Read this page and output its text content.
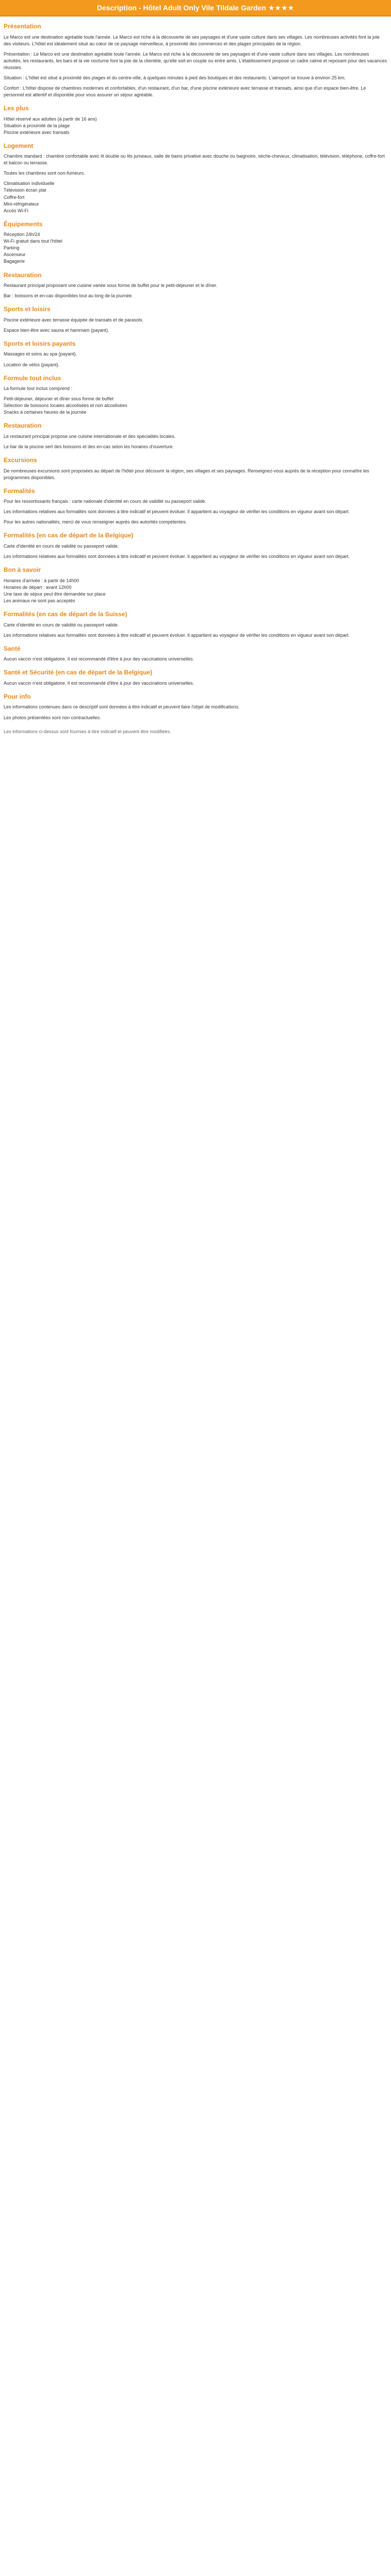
Description - Hôtel Adult Only Vile Tildale Garden ★★★★
Présentation

Le Marco est une destination agréable toute l'année. Le Marco est riche à la découverte de ses paysages et d'une vaste culture dans ses villages. Les nombreuses activités font la joie des visiteurs. L'hôtel est idéalement situé au cœur de ce paysage merveilleux, à proximité des commerces et des plages principales de la région.

Présentation : Le Marco est une destination agréable toute l'année. Le Marco est riche à la découverte de ses paysages et d'une vaste culture dans ses villages. Les nombreuses activités, les restaurants, les bars et la vie nocturne font la joie de la clientèle, qu'elle soit en couple ou entre amis. L'établissement propose un cadre calme et reposant pour des vacances réussies.

Situation : L'hôtel est situé à proximité des plages et du centre-ville, à quelques minutes à pied des boutiques et des restaurants. L'aéroport se trouve à environ 25 km.

Confort : L'hôtel dispose de chambres modernes et confortables, d'un restaurant, d'un bar, d'une piscine extérieure avec terrasse et transats, ainsi que d'un espace bien-être. Le personnel est attentif et disponible pour vous assurer un séjour agréable.

Les plus
Hôtel réservé aux adultes (à partir de 16 ans)
Situation à proximité de la plage
Piscine extérieure avec transats
Logement

Chambre standard : chambre confortable avec lit double ou lits jumeaux, salle de bains privative avec douche ou baignoire, sèche-cheveux, climatisation, télévision, téléphone, coffre-fort et balcon ou terrasse.

Toutes les chambres sont non-fumeurs.

Climatisation individuelle
Télévision écran plat
Coffre-fort
Mini-réfrigérateur
Accès Wi-Fi
Équipements
Réception 24h/24
Wi-Fi gratuit dans tout l'hôtel
Parking
Ascenseur
Bagagerie
Restauration

Restaurant principal proposant une cuisine variée sous forme de buffet pour le petit-déjeuner et le dîner.

Bar : boissons et en-cas disponibles tout au long de la journée.

Sports et loisirs

Piscine extérieure avec terrasse équipée de transats et de parasols.

Espace bien-être avec sauna et hammam (payant).

Sports et loisirs payants

Massages et soins au spa (payant).

Location de vélos (payant).

Formule tout inclus

La formule tout inclus comprend :

Petit-déjeuner, déjeuner et dîner sous forme de buffet
Sélection de boissons locales alcoolisées et non alcoolisées
Snacks à certaines heures de la journée
Restauration

Le restaurant principal propose une cuisine internationale et des spécialités locales.

Le bar de la piscine sert des boissons et des en-cas selon les horaires d'ouverture.

Excursions

De nombreuses excursions sont proposées au départ de l'hôtel pour découvrir la région, ses villages et ses paysages. Renseignez-vous auprès de la réception pour connaître les programmes disponibles.

Formalités

Pour les ressortissants français : carte nationale d'identité en cours de validité ou passeport valide.

Les informations relatives aux formalités sont données à titre indicatif et peuvent évoluer. Il appartient au voyageur de vérifier les conditions en vigueur avant son départ.

Pour les autres nationalités, merci de vous renseigner auprès des autorités compétentes.

Formalités (en cas de départ de la Belgique)

Carte d'identité en cours de validité ou passeport valide.

Les informations relatives aux formalités sont données à titre indicatif et peuvent évoluer. Il appartient au voyageur de vérifier les conditions en vigueur avant son départ.

Bon à savoir
Horaires d'arrivée : à partir de 14h00
Horaires de départ : avant 12h00
Une taxe de séjour peut être demandée sur place
Les animaux ne sont pas acceptés
Formalités (en cas de départ de la Suisse)

Carte d'identité en cours de validité ou passeport valide.

Les informations relatives aux formalités sont données à titre indicatif et peuvent évoluer. Il appartient au voyageur de vérifier les conditions en vigueur avant son départ.

Santé

Aucun vaccin n'est obligatoire. Il est recommandé d'être à jour des vaccinations universelles.

Santé et Sécurité (en cas de départ de la Belgique)

Aucun vaccin n'est obligatoire. Il est recommandé d'être à jour des vaccinations universelles.

Pour info

Les informations contenues dans ce descriptif sont données à titre indicatif et peuvent faire l'objet de modifications.

Les photos présentées sont non contractuelles.

Les informations ci-dessus sont fournies à titre indicatif et peuvent être modifiées.
